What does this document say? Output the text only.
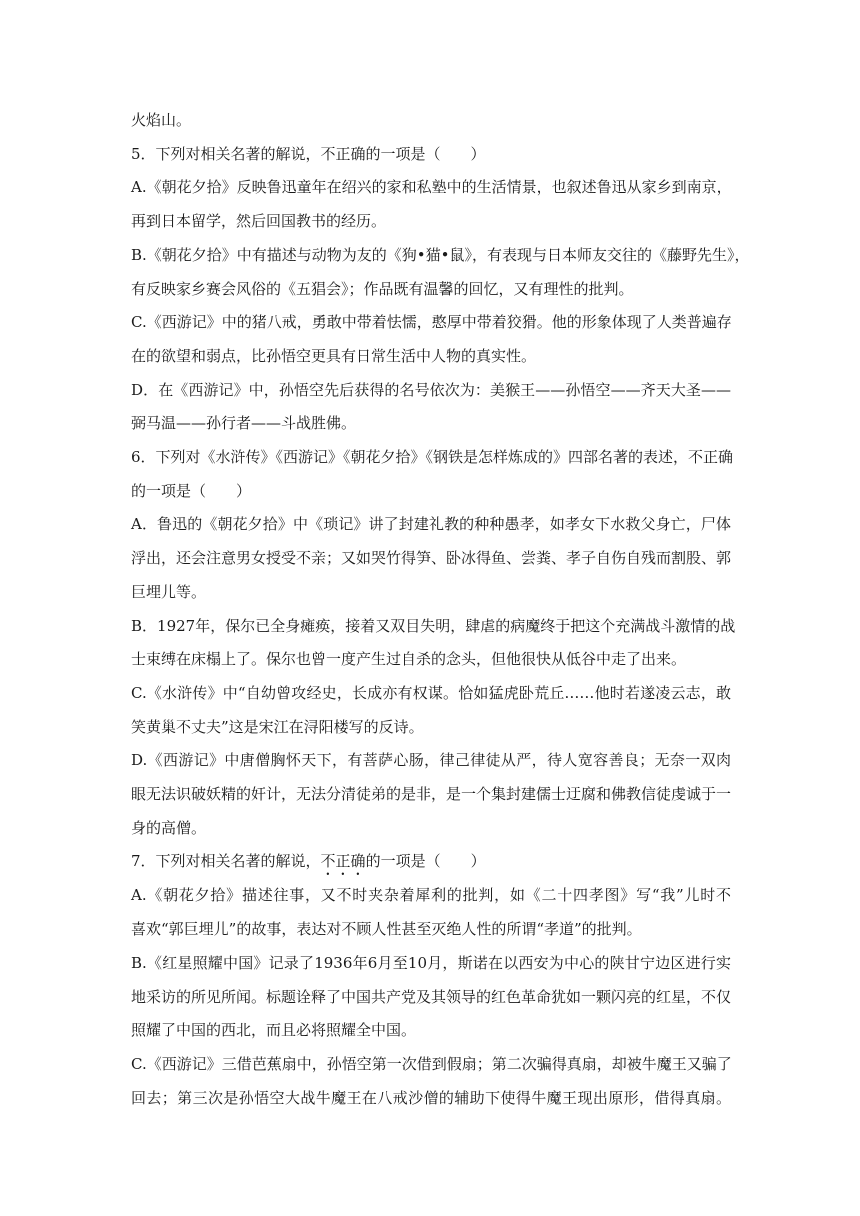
火焰山。
5．下列对相关名著的解说，不正确的一项是（　　）
A.《朝花夕拾》反映鲁迅童年在绍兴的家和私塾中的生活情景，也叙述鲁迅从家乡到南京，
再到日本留学，然后回国教书的经历。
B.《朝花夕拾》中有描述与动物为友的《狗•猫•鼠》，有表现与日本师友交往的《藤野先生》，
有反映家乡赛会风俗的《五猖会》；作品既有温馨的回忆，又有理性的批判。
C.《西游记》中的猪八戒，勇敢中带着怯懦，憨厚中带着狡猾。他的形象体现了人类普遍存
在的欲望和弱点，比孙悟空更具有日常生活中人物的真实性。
D．在《西游记》中，孙悟空先后获得的名号依次为：美猴王——孙悟空——齐天大圣——
弼马温——孙行者——斗战胜佛。
6．下列对《水浒传》《西游记》《朝花夕拾》《钢铁是怎样炼成的》四部名著的表述，不正确
的一项是（　　）
A．鲁迅的《朝花夕拾》中《琐记》讲了封建礼教的种种愚孝，如孝女下水救父身亡，尸体
浮出，还会注意男女授受不亲；又如哭竹得笋、卧冰得鱼、尝粪、孝子自伤自残而割股、郭
巨埋儿等。
B．1927年，保尔已全身瘫痪，接着又双目失明，肆虐的病魔终于把这个充满战斗激情的战
士束缚在床榻上了。保尔也曾一度产生过自杀的念头，但他很快从低谷中走了出来。
C.《水浒传》中“自幼曾攻经史，长成亦有权谋。恰如猛虎卧荒丘……他时若遂凌云志，敢
笑黄巢不丈夫”这是宋江在浔阳楼写的反诗。
D.《西游记》中唐僧胸怀天下，有菩萨心肠，律己律徒从严，待人宽容善良；无奈一双肉
眼无法识破妖精的奸计，无法分清徒弟的是非，是一个集封建儒士迂腐和佛教信徒虔诚于一
身的高僧。
7．下列对相关名著的解说，不正确的一项是（　　）
A.《朝花夕拾》描述往事，又不时夹杂着犀利的批判，如《二十四孝图》写“我”儿时不
喜欢“郭巨埋儿”的故事，表达对不顾人性甚至灭绝人性的所谓“孝道”的批判。
B.《红星照耀中国》记录了1936年6月至10月，斯诺在以西安为中心的陕甘宁边区进行实
地采访的所见所闻。标题诠释了中国共产党及其领导的红色革命犹如一颗闪亮的红星，不仅
照耀了中国的西北，而且必将照耀全中国。
C.《西游记》三借芭蕉扇中，孙悟空第一次借到假扇；第二次骗得真扇，却被牛魔王又骗了
回去；第三次是孙悟空大战牛魔王在八戒沙僧的辅助下使得牛魔王现出原形，借得真扇。
